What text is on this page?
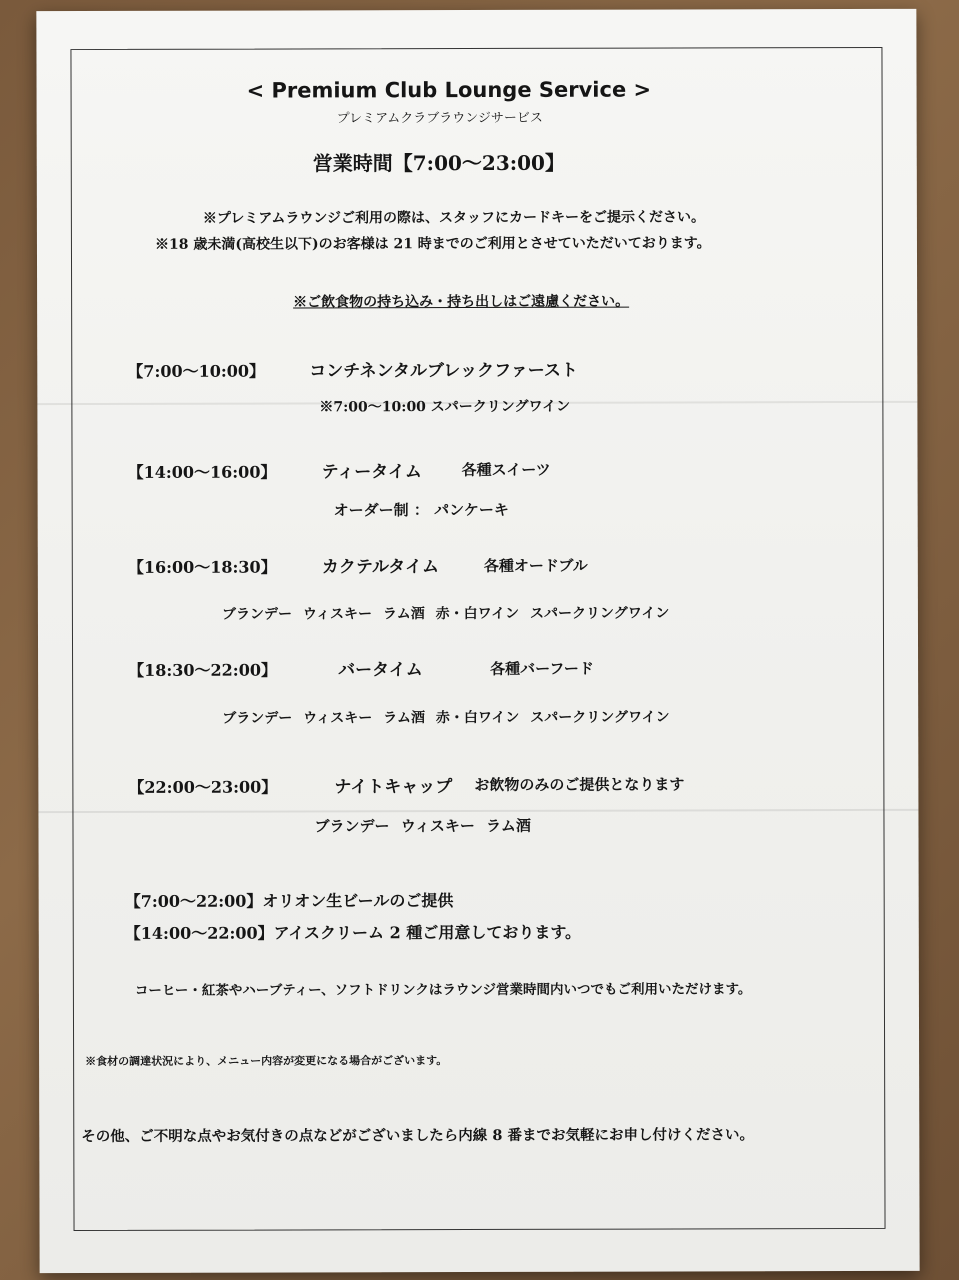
< Premium Club Lounge Service >
プレミアムクラブラウンジサービス
営業時間【7:00～23:00】
※プレミアムラウンジご利用の際は、スタッフにカードキーをご提示ください。
※18 歳未満(高校生以下)のお客様は 21 時までのご利用とさせていただいております。
※ご飲食物の持ち込み・持ち出しはご遠慮ください。
【7:00～10:00】	コンチネンタルブレックファースト
※7:00～10:00 スパークリングワイン
【14:00～16:00】	ティータイム	各種スイーツ
オーダー制 ： パンケーキ
【16:00～18:30】	カクテルタイム	各種オードブル
ブランデー ウィスキー ラム酒 赤・白ワイン スパークリングワイン
【18:30～22:00】	バータイム	各種バーフード
ブランデー ウィスキー ラム酒 赤・白ワイン スパークリングワイン
【22:00～23:00】	ナイトキャップ お飲物のみのご提供となります
ブランデー ウィスキー ラム酒
【7:00～22:00】オリオン生ビールのご提供
【14:00～22:00】アイスクリーム 2 種ご用意しております。
コーヒー・紅茶やハーブティー、ソフトドリンクはラウンジ営業時間内いつでもご利用いただけます。
※食材の調達状況により、メニュー内容が変更になる場合がございます。
その他、ご不明な点やお気付きの点などがございましたら内線 8 番までお気軽にお申し付けください。
